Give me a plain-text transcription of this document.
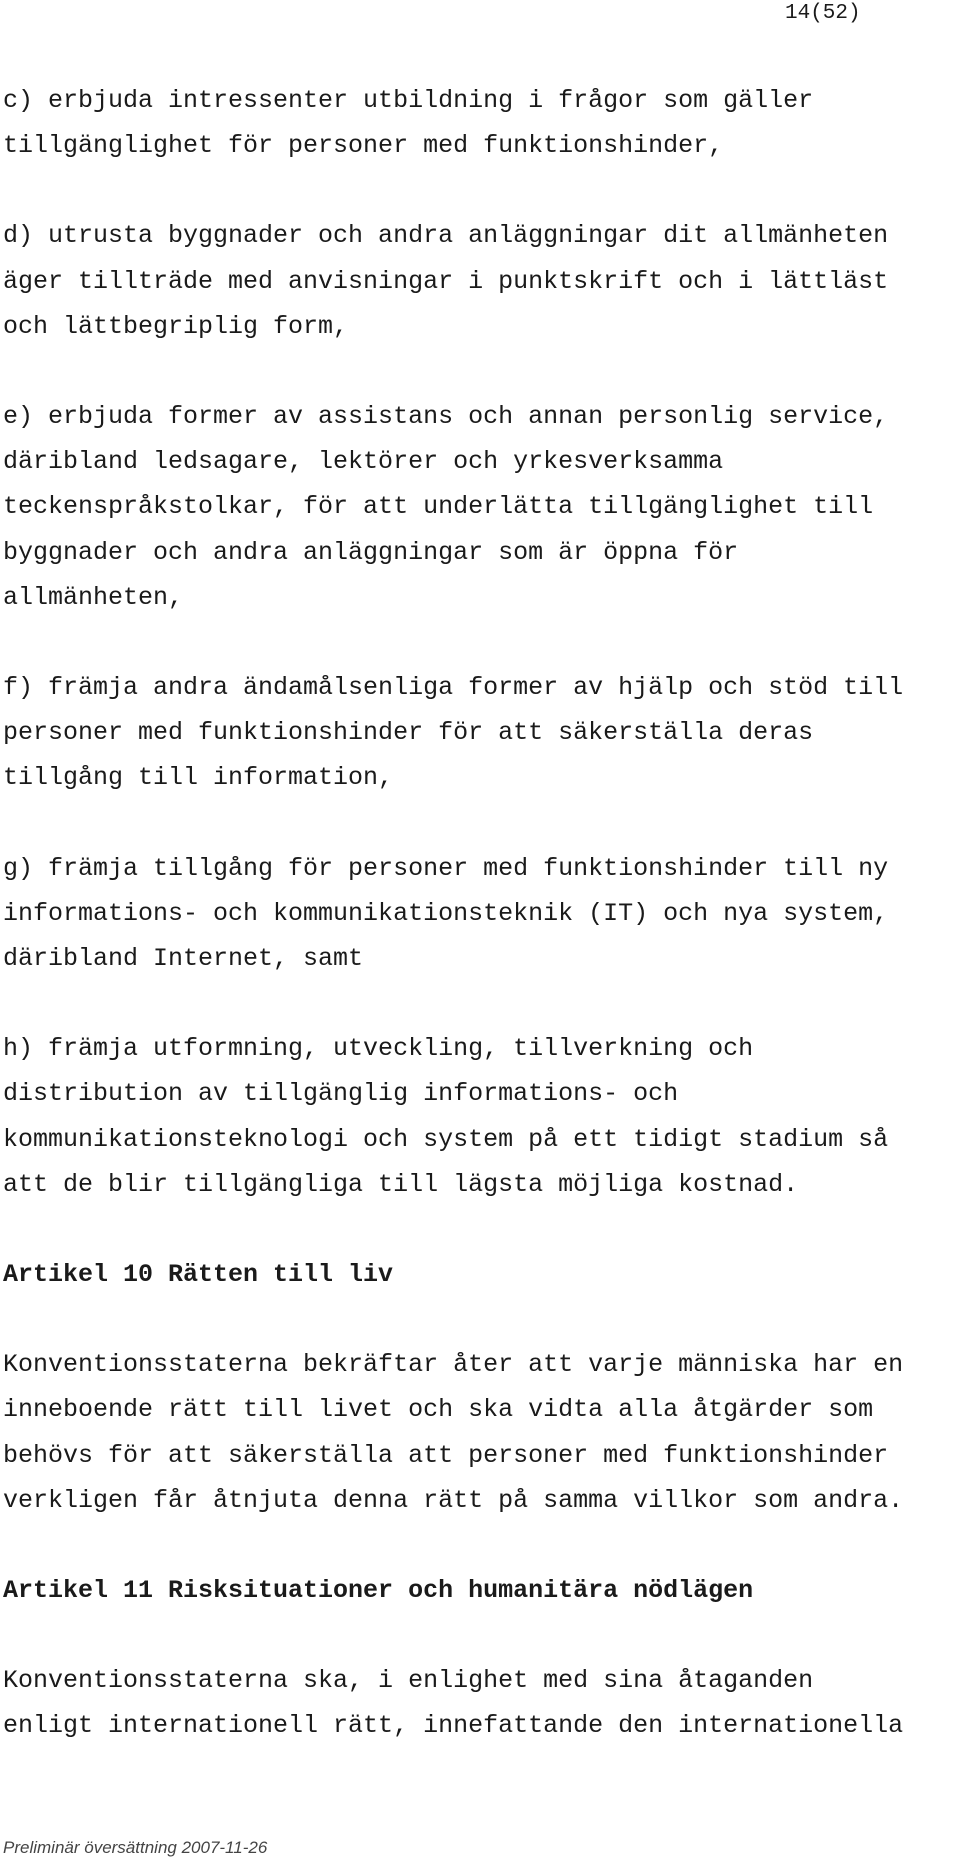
14(52)

c) erbjuda intressenter utbildning i frågor som gäller
tillgänglighet för personer med funktionshinder,

d) utrusta byggnader och andra anläggningar dit allmänheten
äger tillträde med anvisningar i punktskrift och i lättläst
och lättbegriplig form,

e) erbjuda former av assistans och annan personlig service,
däribland ledsagare, lektörer och yrkesverksamma
teckenspråkstolkar, för att underlätta tillgänglighet till
byggnader och andra anläggningar som är öppna för
allmänheten,

f) främja andra ändamålsenliga former av hjälp och stöd till
personer med funktionshinder för att säkerställa deras
tillgång till information,

g) främja tillgång för personer med funktionshinder till ny
informations- och kommunikationsteknik (IT) och nya system,
däribland Internet, samt

h) främja utformning, utveckling, tillverkning och
distribution av tillgänglig informations- och
kommunikationsteknologi och system på ett tidigt stadium så
att de blir tillgängliga till lägsta möjliga kostnad.

Artikel 10 Rätten till liv

Konventionsstaterna bekräftar åter att varje människa har en
inneboende rätt till livet och ska vidta alla åtgärder som
behövs för att säkerställa att personer med funktionshinder
verkligen får åtnjuta denna rätt på samma villkor som andra.

Artikel 11 Risksituationer och humanitära nödlägen

Konventionsstaterna ska, i enlighet med sina åtaganden
enligt internationell rätt, innefattande den internationella

Preliminär översättning 2007-11-26
